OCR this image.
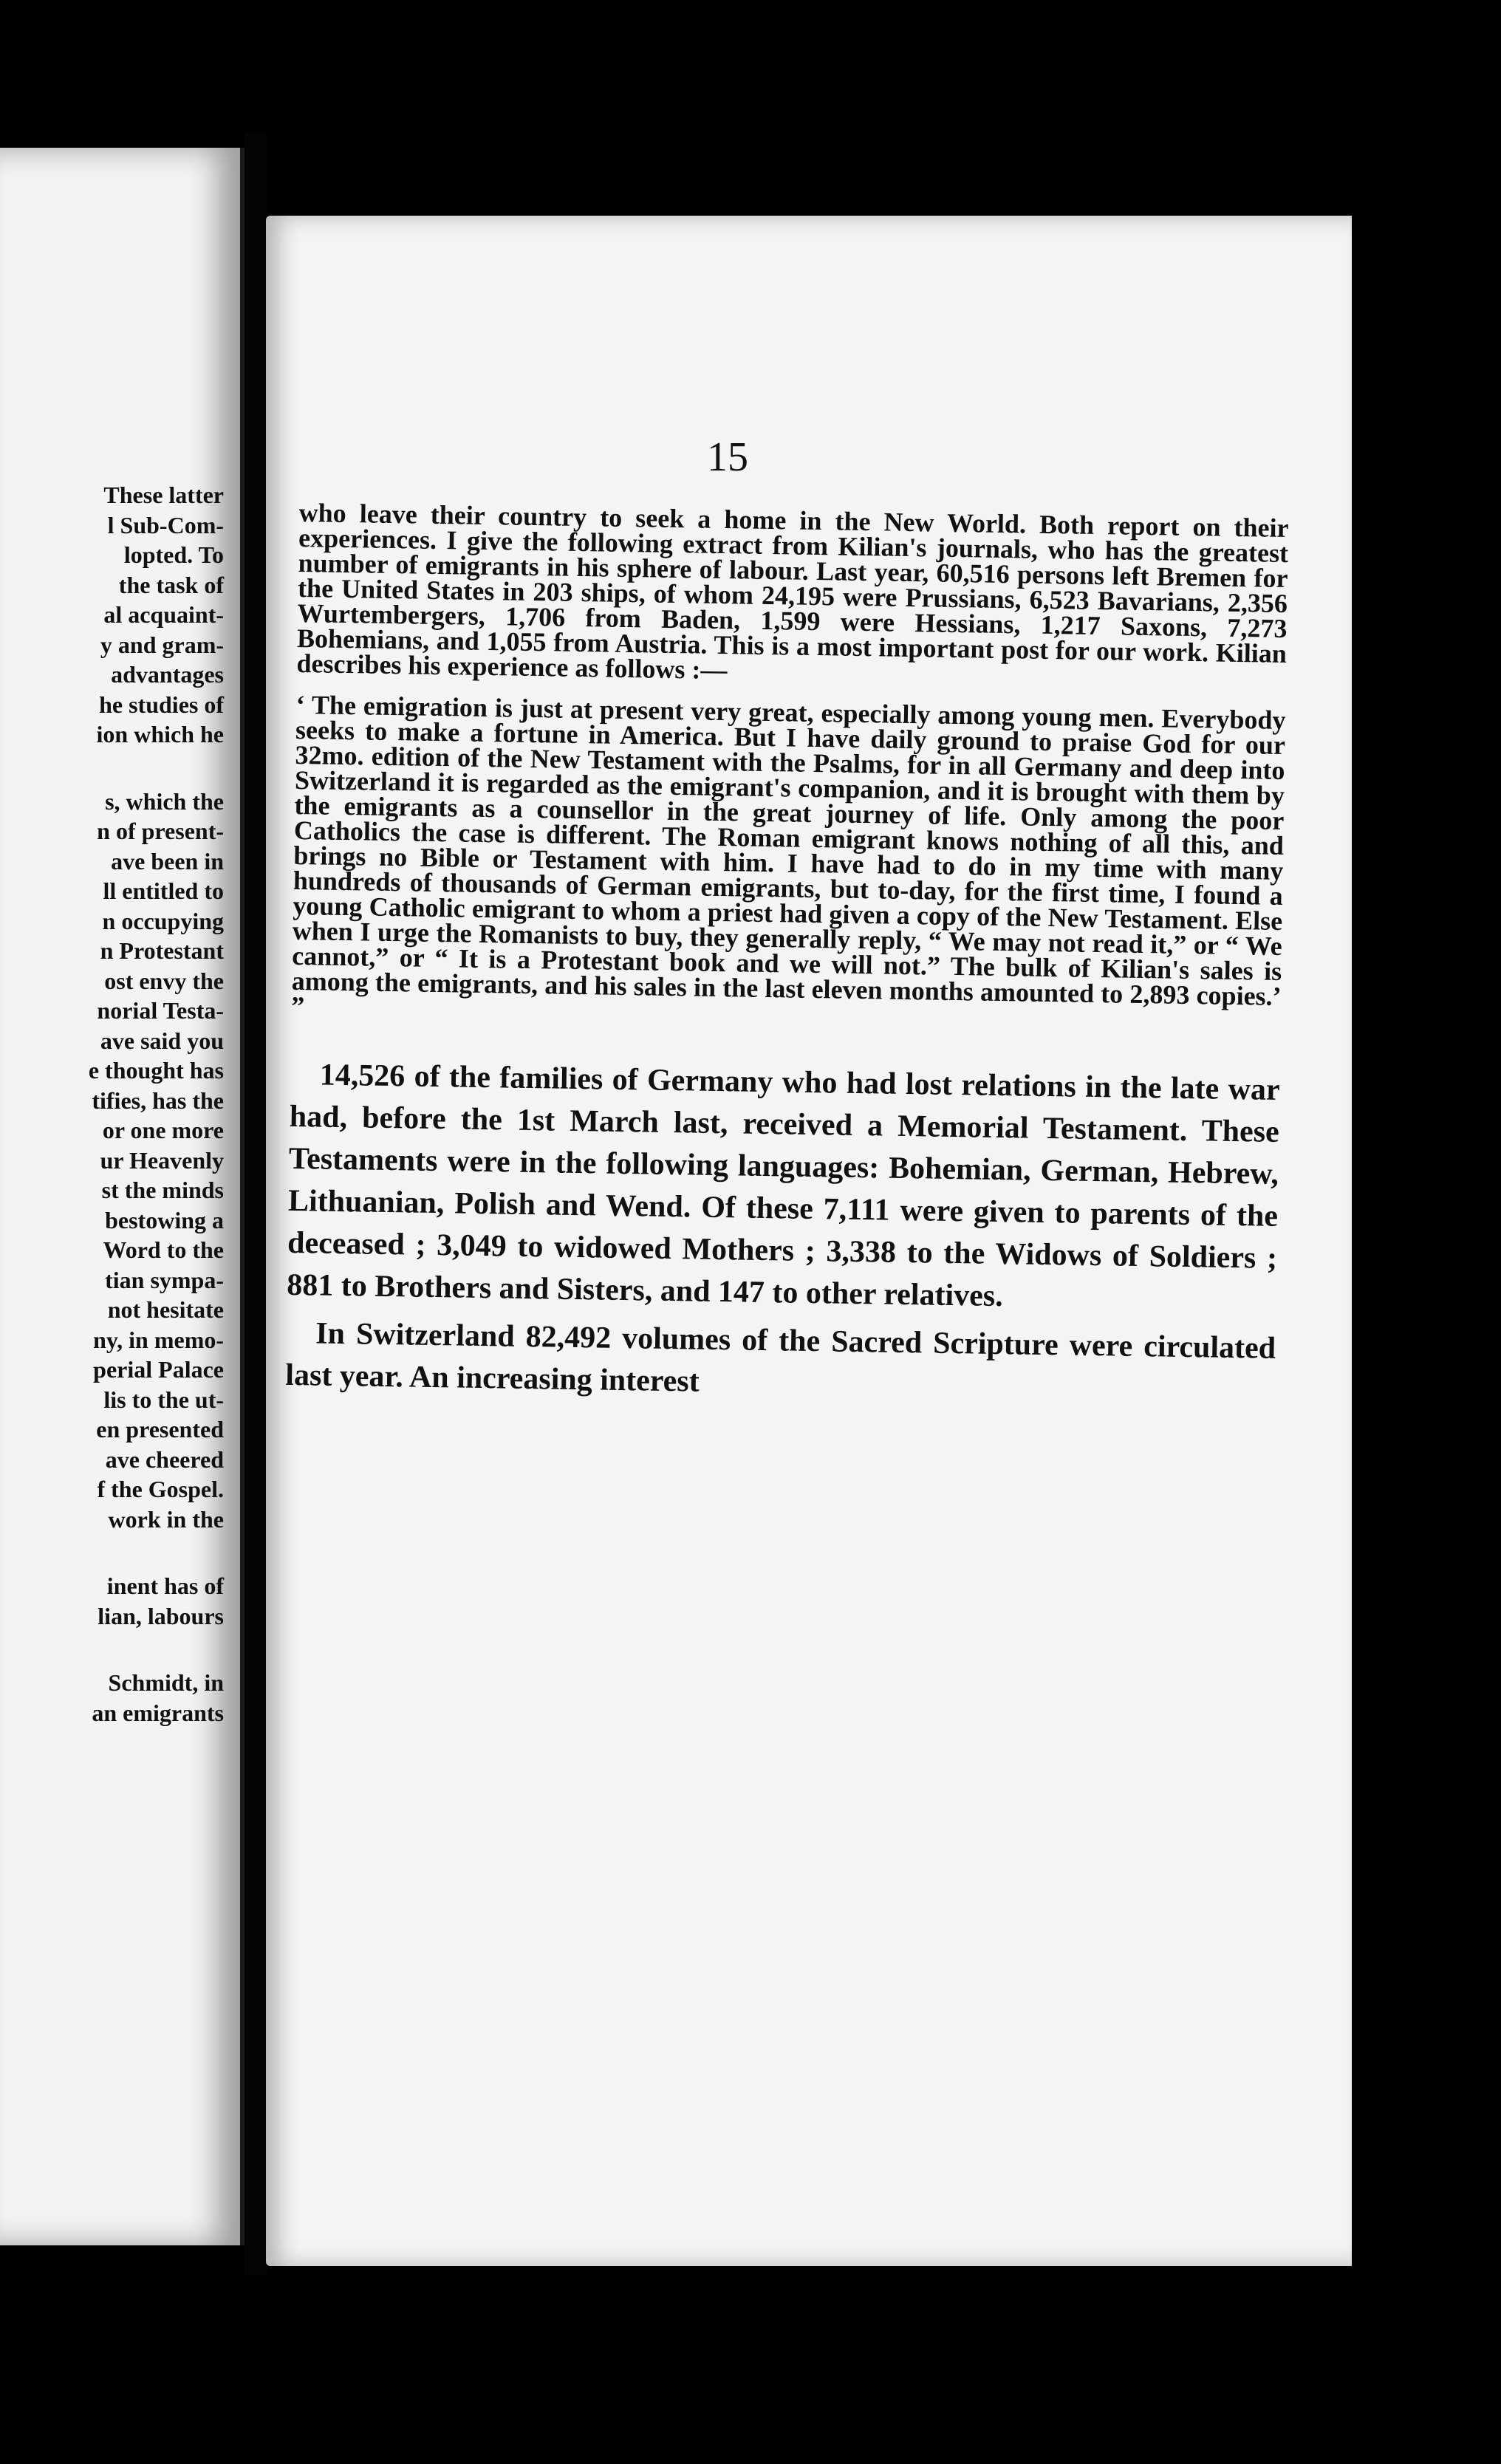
These latter
l Sub-Com-
lopted. To
the task of
al acquaint-
y and gram-
advantages
he studies of
ion which he
s, which the
n of present-
ave been in
ll entitled to
n occupying
n Protestant
ost envy the
norial Testa-
ave said you
e thought has
tifies, has the
or one more
ur Heavenly
st the minds
bestowing a
Word to the
tian sympa-
not hesitate
ny, in memo-
perial Palace
lis to the ut-
en presented
ave cheered
f the Gospel.
work in the
inent has of
lian, labours
Schmidt, in
an emigrants
15

who leave their country to seek a home in the New World. Both report on their experiences. I give the following extract from Kilian's journals, who has the greatest number of emigrants in his sphere of labour. Last year, 60,516 persons left Bremen for the United States in 203 ships, of whom 24,195 were Prussians, 6,523 Bavarians, 2,356 Wurtembergers, 1,706 from Baden, 1,599 were Hessians, 1,217 Saxons, 7,273 Bohemians, and 1,055 from Austria. This is a most important post for our work. Kilian describes his experience as follows :—

‘ The emigration is just at present very great, especially among young men. Everybody seeks to make a fortune in America. But I have daily ground to praise God for our 32mo. edition of the New Testament with the Psalms, for in all Germany and deep into Switzerland it is regarded as the emigrant's companion, and it is brought with them by the emigrants as a counsellor in the great journey of life. Only among the poor Catholics the case is different. The Roman emigrant knows nothing of all this, and brings no Bible or Testament with him. I have had to do in my time with many hundreds of thousands of German emigrants, but to-day, for the first time, I found a young Catholic emigrant to whom a priest had given a copy of the New Testament. Else when I urge the Romanists to buy, they generally reply, “ We may not read it,” or “ We cannot,” or “ It is a Protestant book and we will not.” The bulk of Kilian's sales is among the emigrants, and his sales in the last eleven months amounted to 2,893 copies.’ ”

14,526 of the families of Germany who had lost relations in the late war had, before the 1st March last, received a Memorial Testament. These Testaments were in the following languages: Bohemian, German, Hebrew, Lithuanian, Polish and Wend. Of these 7,111 were given to parents of the deceased ; 3,049 to widowed Mothers ; 3,338 to the Widows of Soldiers ; 881 to Brothers and Sisters, and 147 to other relatives.

In Switzerland 82,492 volumes of the Sacred Scripture were circulated last year. An increasing interest
